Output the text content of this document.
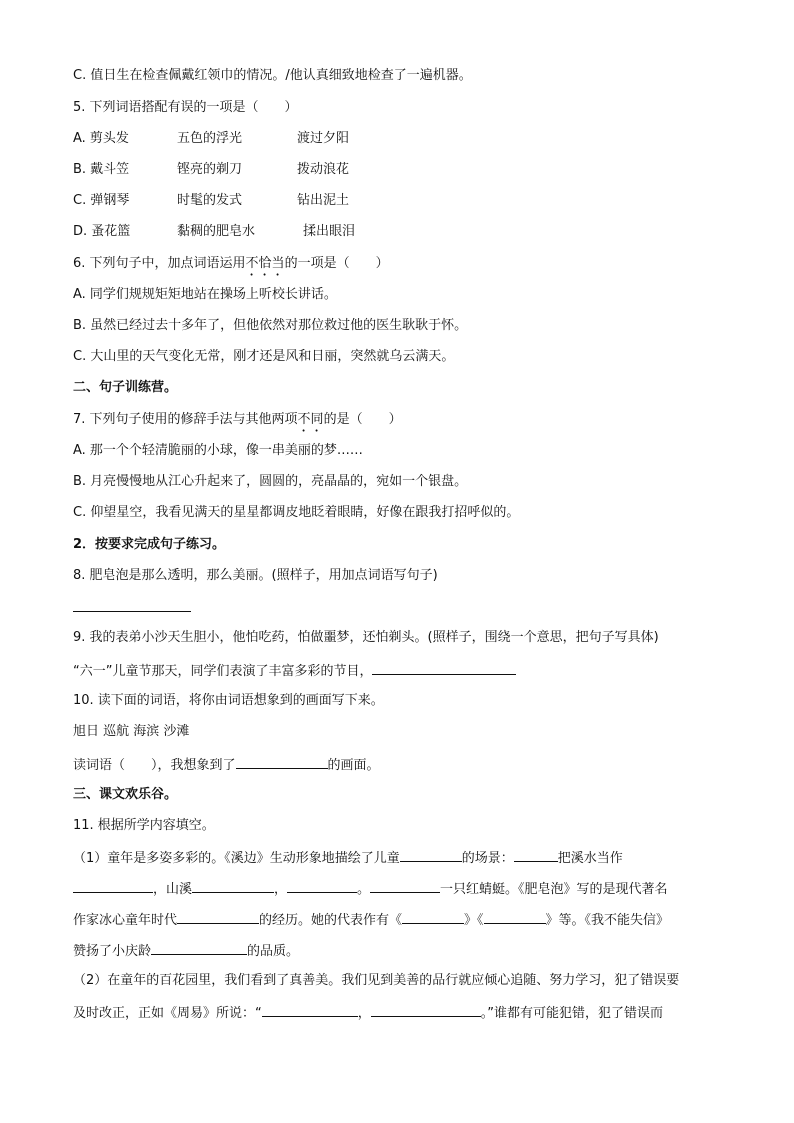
C. 值日生在检查佩戴红领巾的情况。/他认真细致地检查了一遍机器。
5. 下列词语搭配有误的一项是（　　）
A. 剪头发	五色的浮光	渡过夕阳
B. 戴斗笠	铿亮的剃刀	拨动浪花
C. 弹钢琴	时髦的发式	钻出泥土
D. 蚤花篮	黏稠的肥皂水	揉出眼泪
6. 下列句子中，加点词语运用不恰当的一项是（　　）
A. 同学们规规矩矩地站在操场上听校长讲话。
B. 虽然已经过去十多年了，但他依然对那位救过他的医生耿耿于怀。
C. 大山里的天气变化无常，刚才还是风和日丽，突然就乌云满天。
二、句子训练营。
7. 下列句子使用的修辞手法与其他两项不同的是（　　）
A. 那一个个轻清脆丽的小球，像一串美丽的梦……
B. 月亮慢慢地从江心升起来了，圆圆的，亮晶晶的，宛如一个银盘。
C. 仰望星空，我看见满天的星星都调皮地眨着眼睛，好像在跟我打招呼似的。
2．按要求完成句子练习。
8. 肥皂泡是那么透明，那么美丽。(照样子，用加点词语写句子)
9. 我的表弟小沙天生胆小，他怕吃药，怕做噩梦，还怕剃头。(照样子，围绕一个意思，把句子写具体)
“六一”儿童节那天，同学们表演了丰富多彩的节目，
10. 读下面的词语，将你由词语想象到的画面写下来。
旭日 巡航 海滨 沙滩
读词语（　　），我想象到了	的画面。
三、课文欢乐谷。
11. 根据所学内容填空。
（1）童年是多姿多彩的。《溪边》生动形象地描绘了儿童	的场景：	把溪水当作
，山溪	，	。	一只红蜻蜓。《肥皂泡》写的是现代著名
作家冰心童年时代	的经历。她的代表作有《	》《	》等。《我不能失信》
赞扬了小庆龄	的品质。
（2）在童年的百花园里，我们看到了真善美。我们见到美善的品行就应倾心追随、努力学习，犯了错误要
及时改正，正如《周易》所说：“	，	。”谁都有可能犯错，犯了错误而
